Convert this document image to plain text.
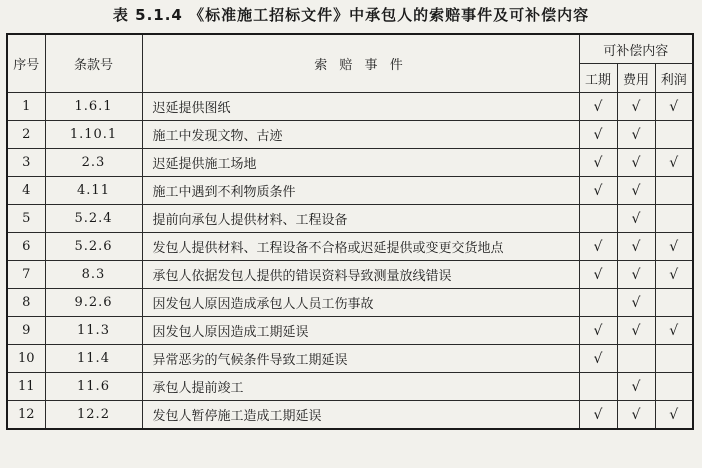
表 5.1.4 《标准施工招标文件》中承包人的索赔事件及可补偿内容
序号	条款号	索 赔 事 件	可补偿内容		
			工期	费用	利润
1	1.6.1	迟延提供图纸	√	√	√
2	1.10.1	施工中发现文物、古迹	√	√	
3	2.3	迟延提供施工场地	√	√	√
4	4.11	施工中遇到不利物质条件	√	√	
5	5.2.4	提前向承包人提供材料、工程设备		√	
6	5.2.6	发包人提供材料、工程设备不合格或迟延提供或变更交货地点	√	√	√
7	8.3	承包人依据发包人提供的错误资料导致测量放线错误	√	√	√
8	9.2.6	因发包人原因造成承包人人员工伤事故		√	
9	11.3	因发包人原因造成工期延误	√	√	√
10	11.4	异常恶劣的气候条件导致工期延误	√		
11	11.6	承包人提前竣工		√	
12	12.2	发包人暂停施工造成工期延误	√	√	√
